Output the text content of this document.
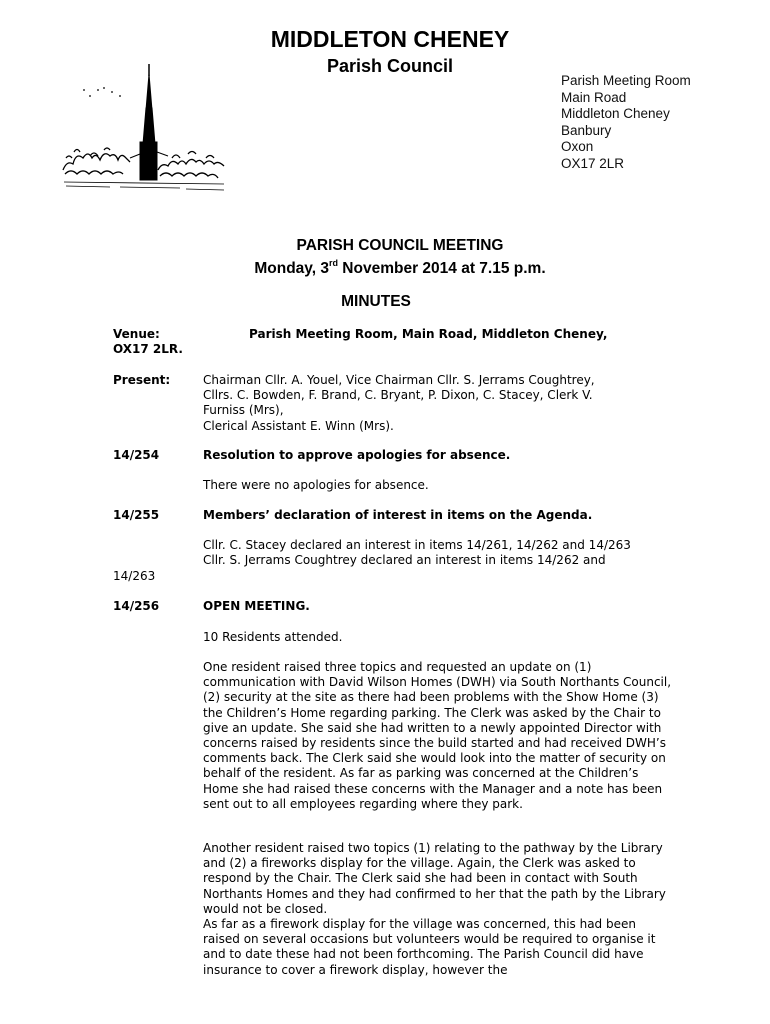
MIDDLETON CHENEY
Parish Council
Parish Meeting Room
Main Road
Middleton Cheney
Banbury
Oxon
OX17 2LR
PARISH COUNCIL MEETING
Monday, 3rd November 2014 at 7.15 p.m.
MINUTES
Venue:	Parish Meeting Room, Main Road, Middleton Cheney,
OX17 2LR.
Present:	Chairman Cllr. A. Youel, Vice Chairman Cllr. S. Jerrams Coughtrey,
Cllrs. C. Bowden, F. Brand, C. Bryant, P. Dixon, C. Stacey, Clerk V.
Furniss (Mrs),
Clerical Assistant E. Winn (Mrs).
14/254	Resolution to approve apologies for absence.
There were no apologies for absence.
14/255	Members’ declaration of interest in items on the Agenda.
Cllr. C. Stacey declared an interest in items 14/261, 14/262 and 14/263
Cllr. S. Jerrams Coughtrey declared an interest in items 14/262 and
14/263
14/256	OPEN MEETING.
10 Residents attended.
One resident raised three topics and requested an update on (1) communication with David Wilson Homes (DWH) via South Northants Council, (2) security at the site as there had been problems with the Show Home (3) the Children’s Home regarding parking. The Clerk was asked by the Chair to give an update. She said she had written to a newly appointed Director with concerns raised by residents since the build started and had received DWH’s comments back. The Clerk said she would look into the matter of security on behalf of the resident. As far as parking was concerned at the Children’s Home she had raised these concerns with the Manager and a note has been sent out to all employees regarding where they park.
Another resident raised two topics (1) relating to the pathway by the Library and (2) a fireworks display for the village. Again, the Clerk was asked to respond by the Chair. The Clerk said she had been in contact with South Northants Homes and they had confirmed to her that the path by the Library would not be closed.
As far as a firework display for the village was concerned, this had been raised on several occasions but volunteers would be required to organise it and to date these had not been forthcoming. The Parish Council did have insurance to cover a firework display, however the
